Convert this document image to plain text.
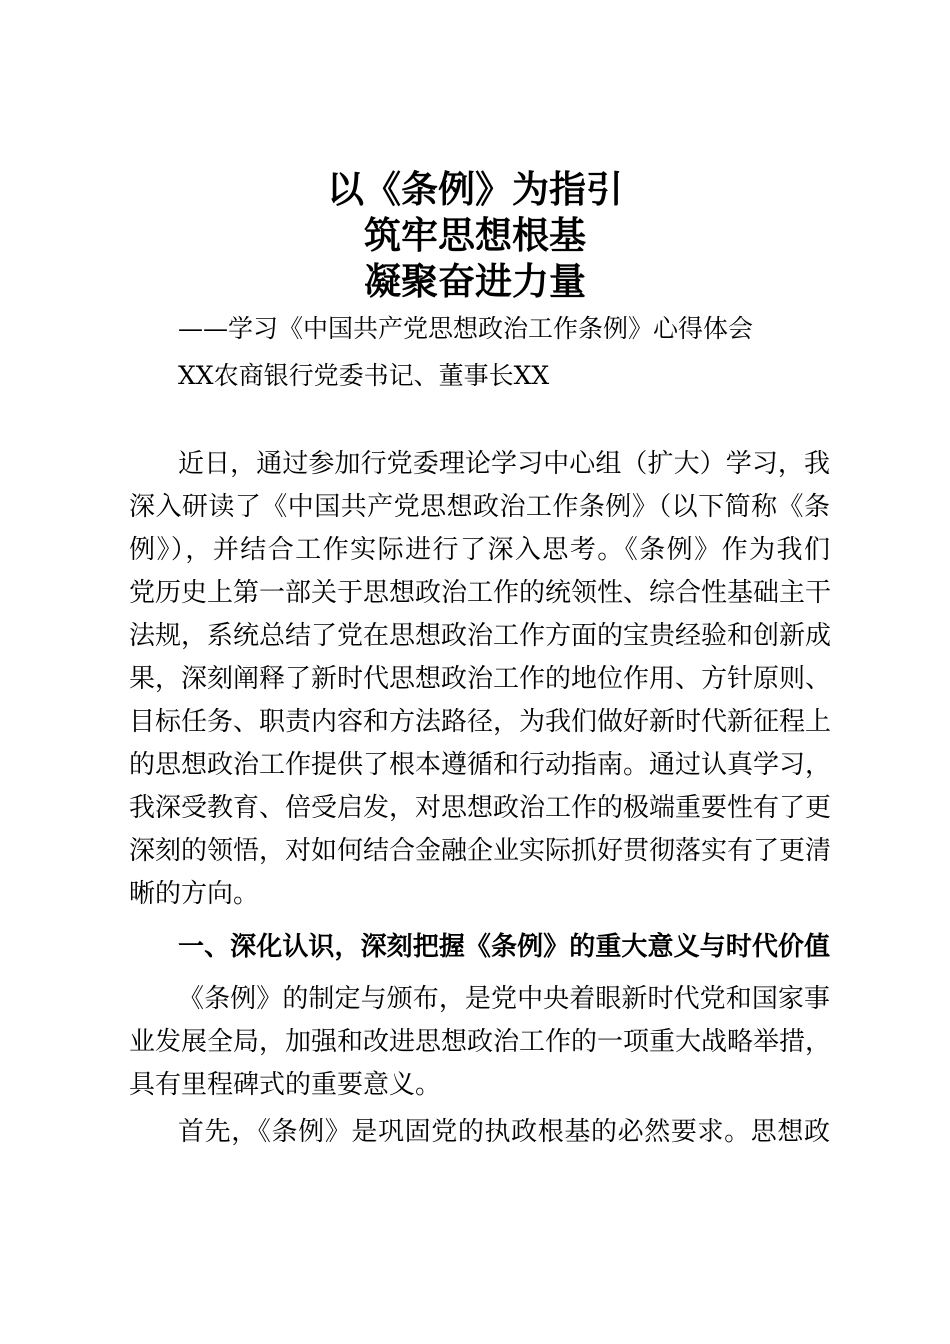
以《条例》为指引
筑牢思想根基
凝聚奋进力量
——学习《中国共产党思想政治工作条例》心得体会
XX农商银行党委书记、董事长XX
近日，通过参加行党委理论学习中心组（扩大）学习，我
深入研读了《中国共产党思想政治工作条例》（以下简称《条
例》），并结合工作实际进行了深入思考。《条例》作为我们
党历史上第一部关于思想政治工作的统领性、综合性基础主干
法规，系统总结了党在思想政治工作方面的宝贵经验和创新成
果，深刻阐释了新时代思想政治工作的地位作用、方针原则、
目标任务、职责内容和方法路径，为我们做好新时代新征程上
的思想政治工作提供了根本遵循和行动指南。通过认真学习，
我深受教育、倍受启发，对思想政治工作的极端重要性有了更
深刻的领悟，对如何结合金融企业实际抓好贯彻落实有了更清
晰的方向。
一、深化认识，深刻把握《条例》的重大意义与时代价值
《条例》的制定与颁布，是党中央着眼新时代党和国家事
业发展全局，加强和改进思想政治工作的一项重大战略举措，
具有里程碑式的重要意义。
首先，《条例》是巩固党的执政根基的必然要求。思想政
